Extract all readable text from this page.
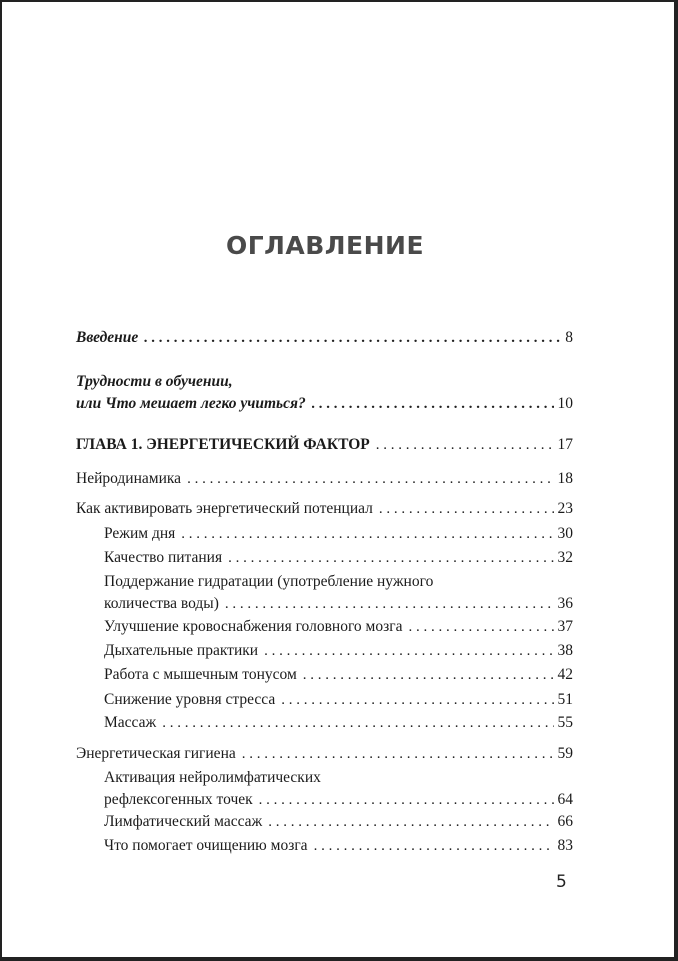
ОГЛАВЛЕНИЕ
Введение . . .	8
Трудности в обучении,
или Что мешает легко учиться? . . .	10
ГЛАВА 1. ЭНЕРГЕТИЧЕСКИЙ ФАКТОР . . .	17
Нейродинамика . . .	18
Как активировать энергетический потенциал . . .	23
Режим дня . . .	30
Качество питания . . .	32
Поддержание гидратации (употребление нужного
количества воды) . . .	36
Улучшение кровоснабжения головного мозга . . .	37
Дыхательные практики . . .	38
Работа с мышечным тонусом . . .	42
Снижение уровня стресса . . .	51
Массаж . . .	55
Энергетическая гигиена . . .	59
Активация нейролимфатических
рефлексогенных точек . . .	64
Лимфатический массаж . . .	66
Что помогает очищению мозга . . .	83
5
